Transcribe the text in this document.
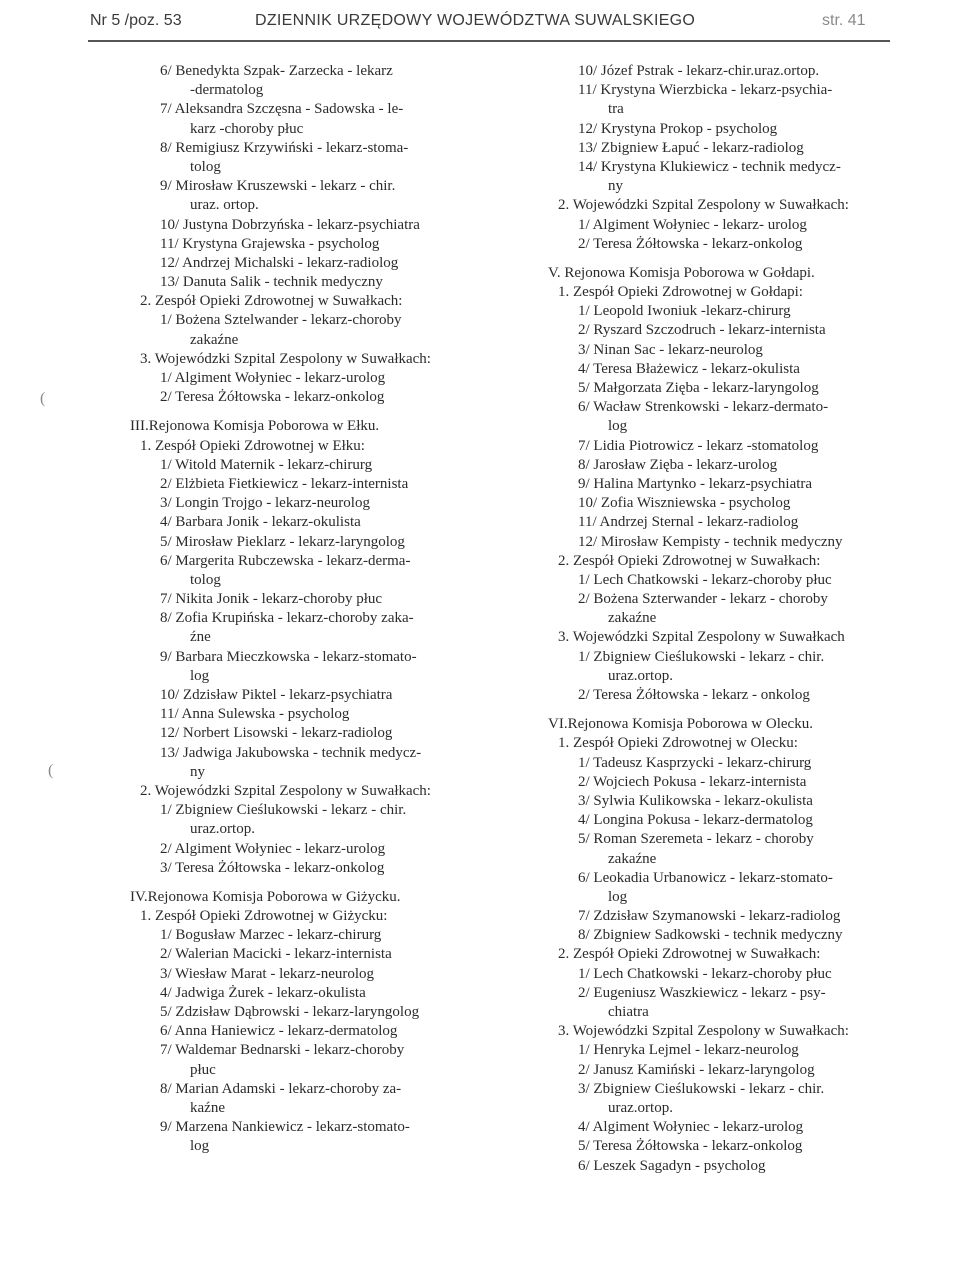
Nr 5 /poz. 53	DZIENNIK URZĘDOWY WOJEWÓDZTWA SUWALSKIEGO	str. 41
(
(
6/ Benedykta Szpak- Zarzecka - lekarz
-dermatolog
7/ Aleksandra Szczęsna - Sadowska - le-
karz -choroby płuc
8/ Remigiusz Krzywiński - lekarz-stoma-
tolog
9/ Mirosław Kruszewski - lekarz - chir.
uraz. ortop.
10/ Justyna Dobrzyńska - lekarz-psychiatra
11/ Krystyna Grajewska - psycholog
12/ Andrzej Michalski - lekarz-radiolog
13/ Danuta Salik - technik medyczny
2. Zespół Opieki Zdrowotnej w Suwałkach:
1/ Bożena Sztelwander - lekarz-choroby
zakaźne
3. Wojewódzki Szpital Zespolony w Suwałkach:
1/ Algiment Wołyniec - lekarz-urolog
2/ Teresa Żółtowska - lekarz-onkolog
III.Rejonowa Komisja Poborowa w Ełku.
1. Zespół Opieki Zdrowotnej w Ełku:
1/ Witold Maternik - lekarz-chirurg
2/ Elżbieta Fietkiewicz - lekarz-internista
3/ Longin Trojgo - lekarz-neurolog
4/ Barbara Jonik - lekarz-okulista
5/ Mirosław Pieklarz - lekarz-laryngolog
6/ Margerita Rubczewska - lekarz-derma-
tolog
7/ Nikita Jonik - lekarz-choroby płuc
8/ Zofia Krupińska - lekarz-choroby zaka-
źne
9/ Barbara Mieczkowska - lekarz-stomato-
log
10/ Zdzisław Piktel - lekarz-psychiatra
11/ Anna Sulewska - psycholog
12/ Norbert Lisowski - lekarz-radiolog
13/ Jadwiga Jakubowska - technik medycz-
ny
2. Wojewódzki Szpital Zespolony w Suwałkach:
1/ Zbigniew Cieślukowski - lekarz - chir.
uraz.ortop.
2/ Algiment Wołyniec - lekarz-urolog
3/ Teresa Żółtowska - lekarz-onkolog
IV.Rejonowa Komisja Poborowa w Giżycku.
1. Zespół Opieki Zdrowotnej w Giżycku:
1/ Bogusław Marzec - lekarz-chirurg
2/ Walerian Macicki - lekarz-internista
3/ Wiesław Marat - lekarz-neurolog
4/ Jadwiga Żurek - lekarz-okulista
5/ Zdzisław Dąbrowski - lekarz-laryngolog
6/ Anna Haniewicz - lekarz-dermatolog
7/ Waldemar Bednarski - lekarz-choroby
płuc
8/ Marian Adamski - lekarz-choroby za-
kaźne
9/ Marzena Nankiewicz - lekarz-stomato-
log
10/ Józef Pstrak - lekarz-chir.uraz.ortop.
11/ Krystyna Wierzbicka - lekarz-psychia-
tra
12/ Krystyna Prokop - psycholog
13/ Zbigniew Łapuć - lekarz-radiolog
14/ Krystyna Klukiewicz - technik medycz-
ny
2. Wojewódzki Szpital Zespolony w Suwałkach:
1/ Algiment Wołyniec - lekarz- urolog
2/ Teresa Żółtowska - lekarz-onkolog
V. Rejonowa Komisja Poborowa w Gołdapi.
1. Zespół Opieki Zdrowotnej w Gołdapi:
1/ Leopold Iwoniuk -lekarz-chirurg
2/ Ryszard Szczodruch - lekarz-internista
3/ Ninan Sac - lekarz-neurolog
4/ Teresa Błażewicz - lekarz-okulista
5/ Małgorzata Zięba - lekarz-laryngolog
6/ Wacław Strenkowski - lekarz-dermato-
log
7/ Lidia Piotrowicz - lekarz -stomatolog
8/ Jarosław Zięba - lekarz-urolog
9/ Halina Martynko - lekarz-psychiatra
10/ Zofia Wiszniewska - psycholog
11/ Andrzej Sternal - lekarz-radiolog
12/ Mirosław Kempisty - technik medyczny
2. Zespół Opieki Zdrowotnej w Suwałkach:
1/ Lech Chatkowski - lekarz-choroby płuc
2/ Bożena Szterwander - lekarz - choroby
zakaźne
3. Wojewódzki Szpital Zespolony w Suwałkach
1/ Zbigniew Cieślukowski - lekarz - chir.
uraz.ortop.
2/ Teresa Żółtowska - lekarz - onkolog
VI.Rejonowa Komisja Poborowa w Olecku.
1. Zespół Opieki Zdrowotnej w Olecku:
1/ Tadeusz Kasprzycki - lekarz-chirurg
2/ Wojciech Pokusa - lekarz-internista
3/ Sylwia Kulikowska - lekarz-okulista
4/ Longina Pokusa - lekarz-dermatolog
5/ Roman Szeremeta - lekarz - choroby
zakaźne
6/ Leokadia Urbanowicz - lekarz-stomato-
log
7/ Zdzisław Szymanowski - lekarz-radiolog
8/ Zbigniew Sadkowski - technik medyczny
2. Zespół Opieki Zdrowotnej w Suwałkach:
1/ Lech Chatkowski - lekarz-choroby płuc
2/ Eugeniusz Waszkiewicz - lekarz - psy-
chiatra
3. Wojewódzki Szpital Zespolony w Suwałkach:
1/ Henryka Lejmel - lekarz-neurolog
2/ Janusz Kamiński - lekarz-laryngolog
3/ Zbigniew Cieślukowski - lekarz - chir.
uraz.ortop.
4/ Algiment Wołyniec - lekarz-urolog
5/ Teresa Żółtowska - lekarz-onkolog
6/ Leszek Sagadyn - psycholog
